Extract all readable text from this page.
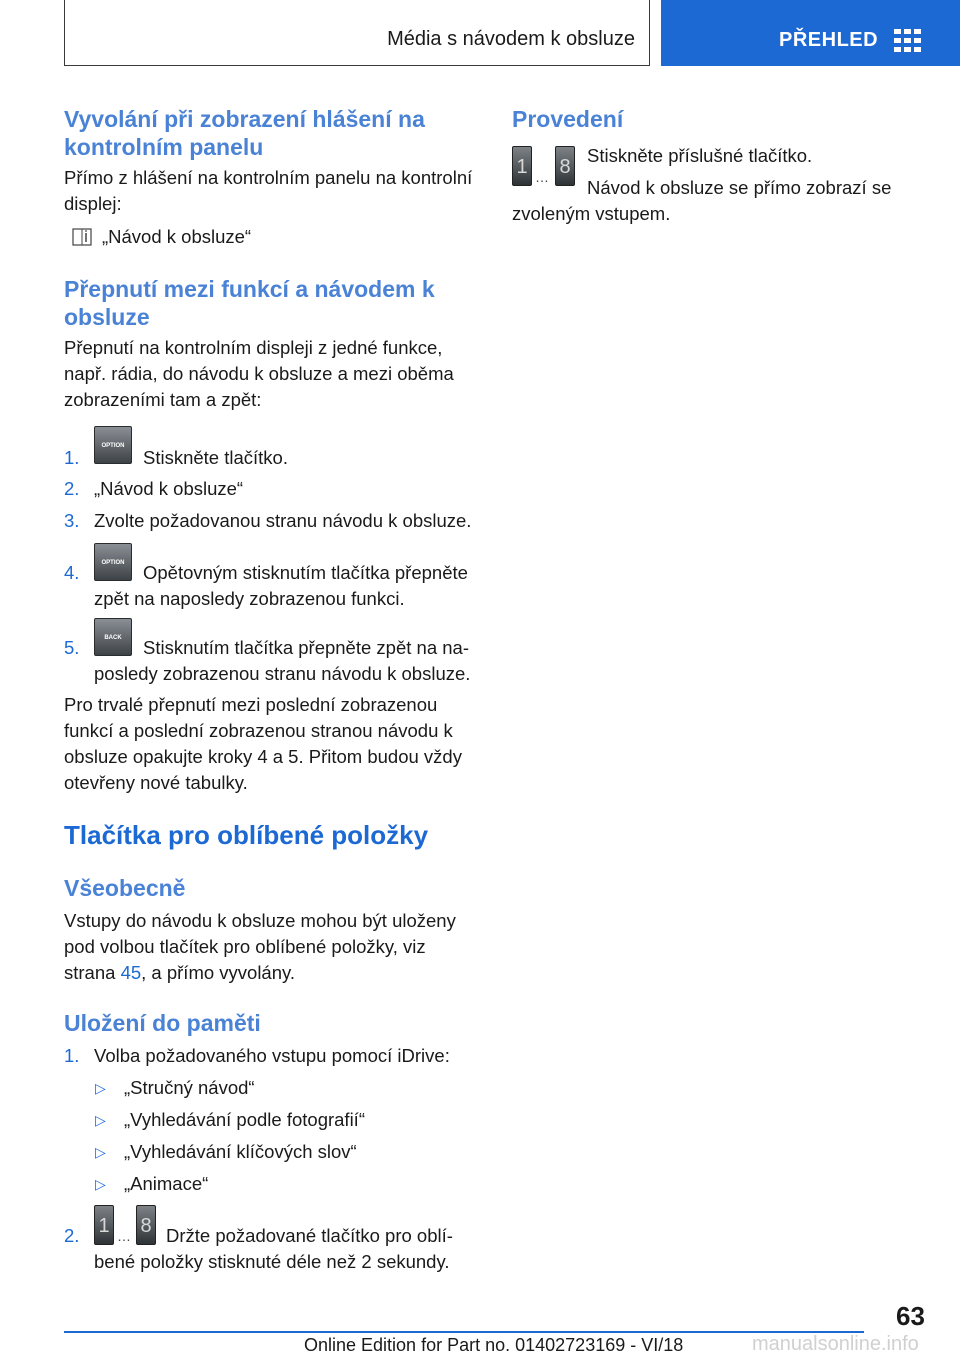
Média s návodem k obsluze	PŘEHLED
Vyvolání při zobrazení hlášení na kontrolním panelu
Přímo z hlášení na kontrolním panelu na kontrolní displej:
„Návod k obsluze“
Přepnutí mezi funkcí a návodem k obsluze
Přepnutí na kontrolním displeji z jedné funkce, např. rádia, do návodu k obsluze a mezi oběma zobrazeními tam a zpět:
1.
OPTION
Stiskněte tlačítko.
2. „Návod k obsluze“
3. Zvolte požadovanou stranu návodu k obsluze.
4.	OPTION	Opětovným stisknutím tlačítka přepněte
zpět na naposledy zobrazenou funkci.
5.	BACK	Stisknutím tlačítka přepněte zpět na na‐
posledy zobrazenou stranu návodu k obsluze.
Pro trvalé přepnutí mezi poslední zobrazenou funkcí a poslední zobrazenou stranou návodu k obsluze opakujte kroky 4 a 5. Přitom budou vždy otevřeny nové tabulky.
Tlačítka pro oblíbené položky
Všeobecně
Vstupy do návodu k obsluze mohou být uloženy pod volbou tlačítek pro oblíbené položky, viz strana 45, a přímo vyvolány.
Uložení do paměti
1. Volba požadovaného vstupu pomocí iDrive:
▷ „Stručný návod“
▷ „Vyhledávání podle fotografií“
▷ „Vyhledávání klíčových slov“
▷ „Animace“
2. 1 … 8 Držte požadované tlačítko pro oblí‐
bené položky stisknuté déle než 2 sekundy.
Provedení
1 … 8
Stiskněte příslušné tlačítko.
Návod k obsluze se přímo zobrazí se
zvoleným vstupem.
63
Online Edition for Part no. 01402723169 - VI/18	manualsonline.info
